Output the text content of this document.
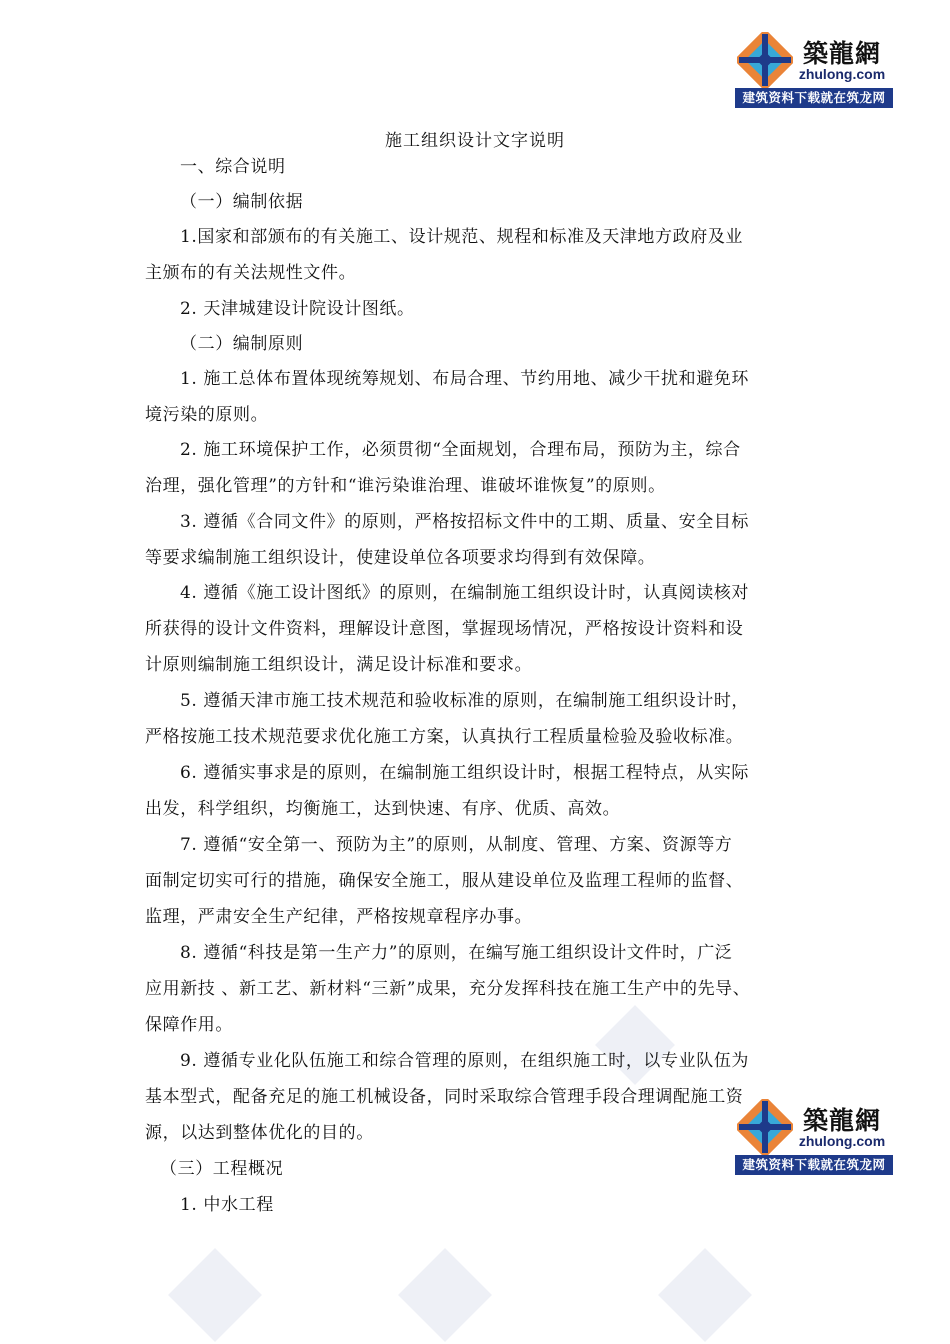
築龍網
zhulong.com
建筑资料下载就在筑龙网
築龍網
zhulong.com
建筑资料下载就在筑龙网
施工组织设计文字说明
一、综合说明
（一）编制依据
1.国家和部颁布的有关施工、设计规范、规程和标准及天津地方政府及业
主颁布的有关法规性文件。
2. 天津城建设计院设计图纸。
（二）编制原则
1. 施工总体布置体现统筹规划、布局合理、节约用地、减少干扰和避免环
境污染的原则。
2. 施工环境保护工作，必须贯彻“全面规划，合理布局，预防为主，综合
治理，强化管理”的方针和“谁污染谁治理、谁破坏谁恢复”的原则。
3. 遵循《合同文件》的原则，严格按招标文件中的工期、质量、安全目标
等要求编制施工组织设计，使建设单位各项要求均得到有效保障。
4. 遵循《施工设计图纸》的原则，在编制施工组织设计时，认真阅读核对
所获得的设计文件资料，理解设计意图，掌握现场情况，严格按设计资料和设
计原则编制施工组织设计，满足设计标准和要求。
5. 遵循天津市施工技术规范和验收标准的原则，在编制施工组织设计时，
严格按施工技术规范要求优化施工方案，认真执行工程质量检验及验收标准。
6. 遵循实事求是的原则，在编制施工组织设计时，根据工程特点，从实际
出发，科学组织，均衡施工，达到快速、有序、优质、高效。
7. 遵循“安全第一、预防为主”的原则，从制度、管理、方案、资源等方
面制定切实可行的措施，确保安全施工，服从建设单位及监理工程师的监督、
监理，严肃安全生产纪律，严格按规章程序办事。
8. 遵循“科技是第一生产力”的原则，在编写施工组织设计文件时，广泛
应用新技 、新工艺、新材料“三新”成果，充分发挥科技在施工生产中的先导、
保障作用。
9. 遵循专业化队伍施工和综合管理的原则，在组织施工时，以专业队伍为
基本型式，配备充足的施工机械设备，同时采取综合管理手段合理调配施工资
源，以达到整体优化的目的。
（三）工程概况
1. 中水工程
